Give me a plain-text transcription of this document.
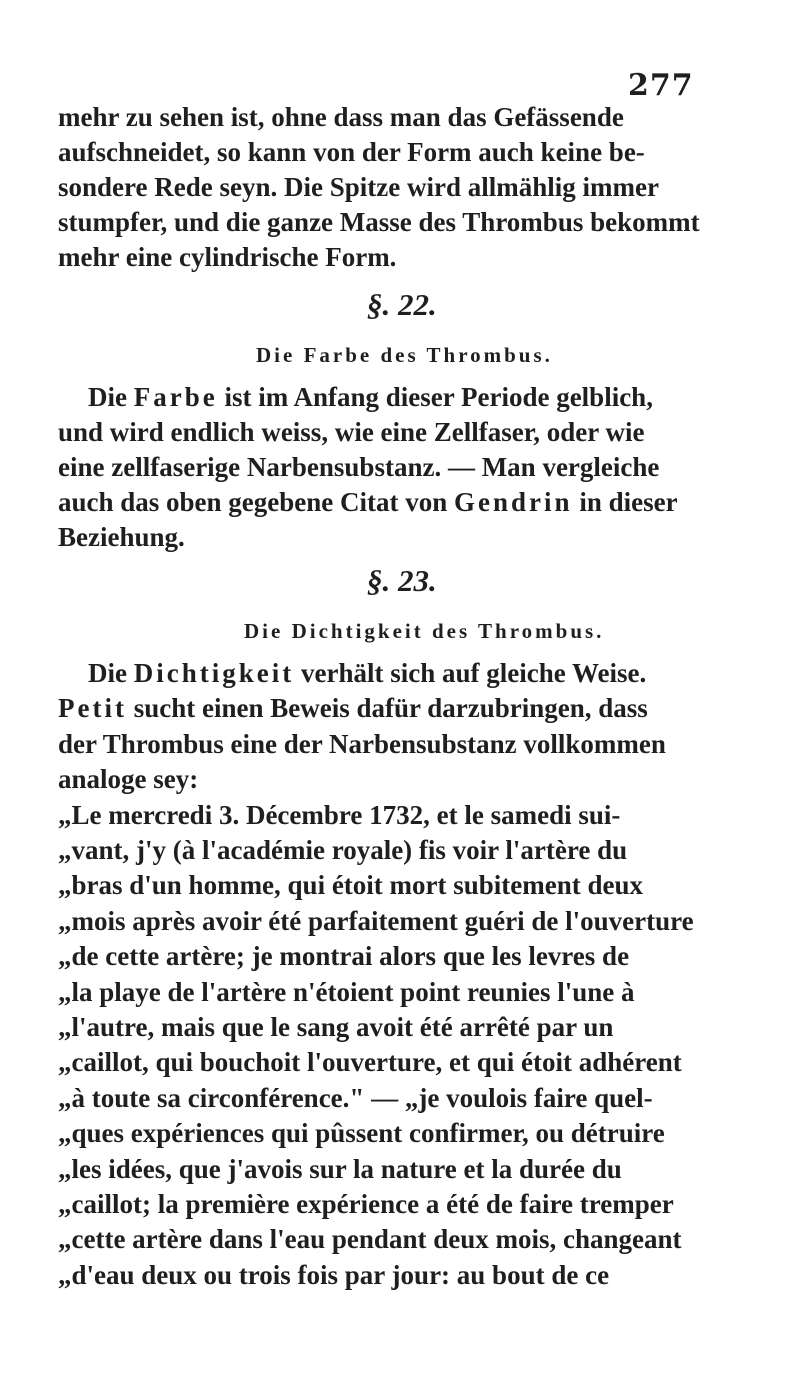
277
mehr zu sehen ist, ohne dass man das Gefässende
aufschneidet, so kann von der Form auch keine be-
sondere Rede seyn. Die Spitze wird allmählig immer
stumpfer, und die ganze Masse des Thrombus bekommt
mehr eine cylindrische Form.
§. 22.
Die Farbe des Thrombus.
Die Farbe ist im Anfang dieser Periode gelblich,
und wird endlich weiss, wie eine Zellfaser, oder wie
eine zellfaserige Narbensubstanz. — Man vergleiche
auch das oben gegebene Citat von Gendrin in dieser
Beziehung.
§. 23.
Die Dichtigkeit des Thrombus.
Die Dichtigkeit verhält sich auf gleiche Weise.
Petit sucht einen Beweis dafür darzubringen, dass
der Thrombus eine der Narbensubstanz vollkommen
analoge sey:
„Le mercredi 3. Décembre 1732, et le samedi sui-
„vant, j'y (à l'académie royale) fis voir l'artère du
„bras d'un homme, qui étoit mort subitement deux
„mois après avoir été parfaitement guéri de l'ouverture
„de cette artère; je montrai alors que les levres de
„la playe de l'artère n'étoient point reunies l'une à
„l'autre, mais que le sang avoit été arrêté par un
„caillot, qui bouchoit l'ouverture, et qui étoit adhérent
„à toute sa circonférence." — „je voulois faire quel-
„ques expériences qui pûssent confirmer, ou détruire
„les idées, que j'avois sur la nature et la durée du
„caillot; la première expérience a été de faire tremper
„cette artère dans l'eau pendant deux mois, changeant
„d'eau deux ou trois fois par jour: au bout de ce
